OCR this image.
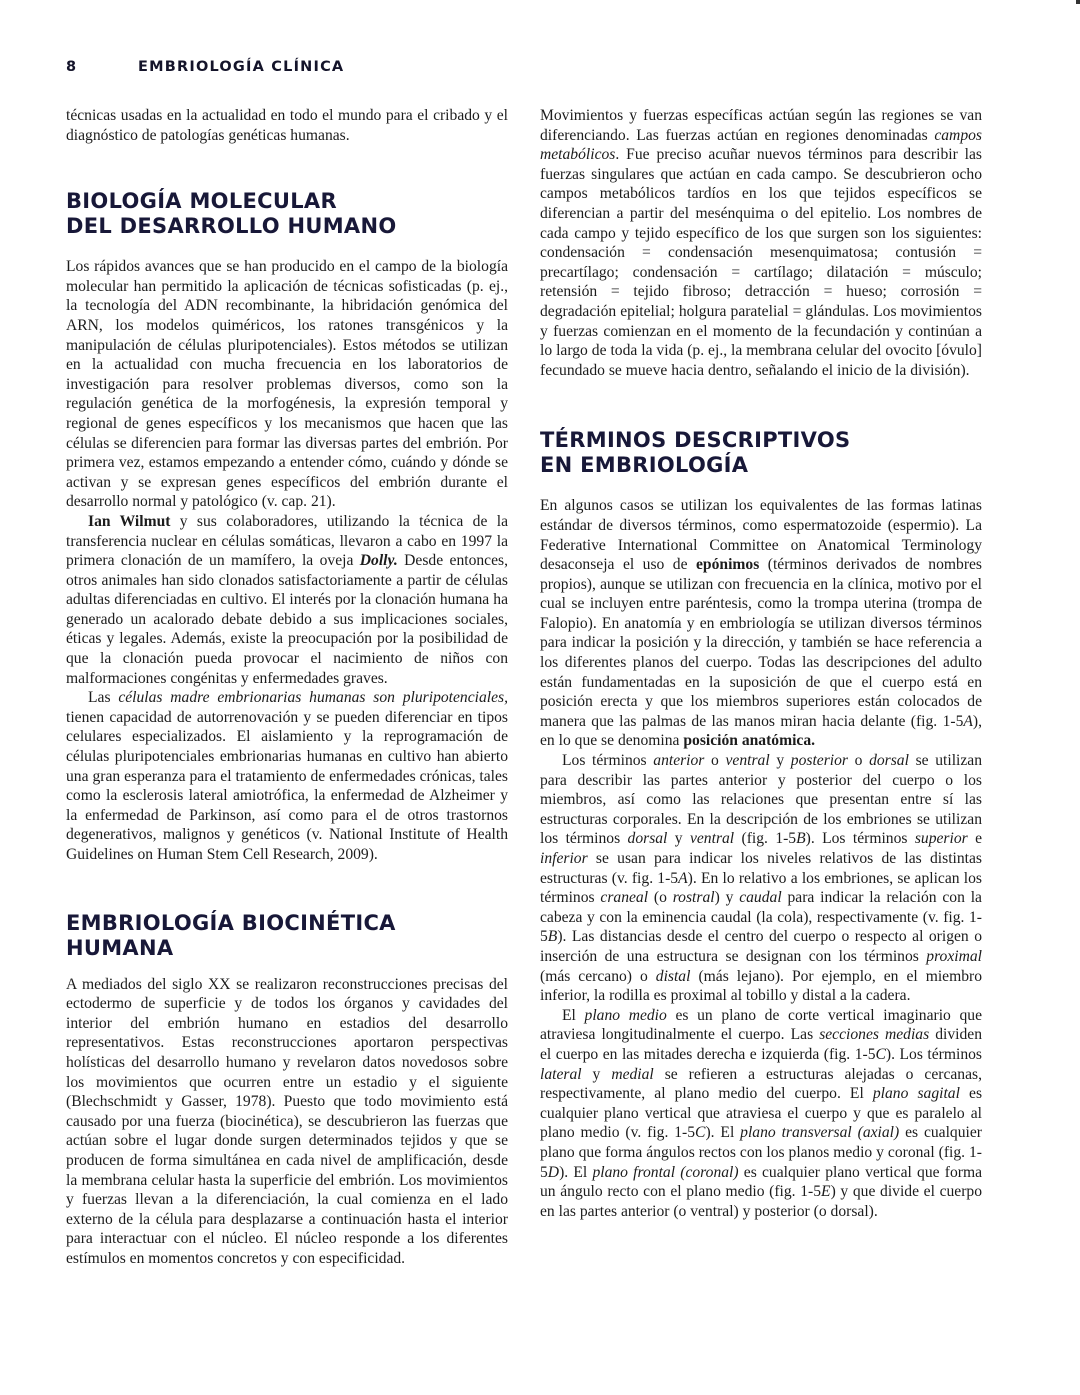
8	EMBRIOLOGÍA CLÍNICA

técnicas usadas en la actualidad en todo el mundo para el cribado y el diagnóstico de patologías genéticas humanas.

BIOLOGÍA MOLECULAR
DEL DESARROLLO HUMANO

Los rápidos avances que se han producido en el campo de la biología molecular han permitido la aplicación de técnicas sofisticadas (p. ej., la tecnología del ADN recombinante, la hibridación genómica del ARN, los modelos quiméricos, los ratones transgénicos y la manipulación de células pluripotenciales). Estos métodos se utilizan en la actualidad con mucha frecuencia en los laboratorios de investigación para resolver problemas diversos, como son la regulación genética de la morfogénesis, la expresión temporal y regional de genes específicos y los mecanismos que hacen que las células se diferencien para formar las diversas partes del embrión. Por primera vez, estamos empezando a entender cómo, cuándo y dónde se activan y se expresan genes específicos del embrión durante el desarrollo normal y patológico (v. cap. 21).

Ian Wilmut y sus colaboradores, utilizando la técnica de la transferencia nuclear en células somáticas, llevaron a cabo en 1997 la primera clonación de un mamífero, la oveja Dolly. Desde entonces, otros animales han sido clonados satisfactoriamente a partir de células adultas diferenciadas en cultivo. El interés por la clonación humana ha generado un acalorado debate debido a sus implicaciones sociales, éticas y legales. Además, existe la preocupación por la posibilidad de que la clonación pueda provocar el nacimiento de niños con malformaciones congénitas y enfermedades graves.

Las células madre embrionarias humanas son pluripotenciales, tienen capacidad de autorrenovación y se pueden diferenciar en tipos celulares especializados. El aislamiento y la reprogramación de células pluripotenciales embrionarias humanas en cultivo han abierto una gran esperanza para el tratamiento de enfermedades crónicas, tales como la esclerosis lateral amiotrófica, la enfermedad de Alzheimer y la enfermedad de Parkinson, así como para el de otros trastornos degenerativos, malignos y genéticos (v. National Institute of Health Guidelines on Human Stem Cell Research, 2009).

EMBRIOLOGÍA BIOCINÉTICA HUMANA

A mediados del siglo XX se realizaron reconstrucciones precisas del ectodermo de superficie y de todos los órganos y cavidades del interior del embrión humano en estadios del desarrollo representativos. Estas reconstrucciones aportaron perspectivas holísticas del desarrollo humano y revelaron datos novedosos sobre los movimientos que ocurren entre un estadio y el siguiente (Blechschmidt y Gasser, 1978). Puesto que todo movimiento está causado por una fuerza (biocinética), se descubrieron las fuerzas que actúan sobre el lugar donde surgen determinados tejidos y que se producen de forma simultánea en cada nivel de amplificación, desde la membrana celular hasta la superficie del embrión. Los movimientos y fuerzas llevan a la diferenciación, la cual comienza en el lado externo de la célula para desplazarse a continuación hasta el interior para interactuar con el núcleo. El núcleo responde a los diferentes estímulos en momentos concretos y con especificidad.

Movimientos y fuerzas específicas actúan según las regiones se van diferenciando. Las fuerzas actúan en regiones denominadas campos metabólicos. Fue preciso acuñar nuevos términos para describir las fuerzas singulares que actúan en cada campo. Se descubrieron ocho campos metabólicos tardíos en los que tejidos específicos se diferencian a partir del mesénquima o del epitelio. Los nombres de cada campo y tejido específico de los que surgen son los siguientes: condensación = condensación mesenquimatosa; contusión = precartílago; condensación = cartílago; dilatación = músculo; retensión = tejido fibroso; detracción = hueso; corrosión = degradación epitelial; holgura paratelial = glándulas. Los movimientos y fuerzas comienzan en el momento de la fecundación y continúan a lo largo de toda la vida (p. ej., la membrana celular del ovocito [óvulo] fecundado se mueve hacia dentro, señalando el inicio de la división).

TÉRMINOS DESCRIPTIVOS
EN EMBRIOLOGÍA

En algunos casos se utilizan los equivalentes de las formas latinas estándar de diversos términos, como espermatozoide (espermio). La Federative International Committee on Anatomical Terminology desaconseja el uso de epónimos (términos derivados de nombres propios), aunque se utilizan con frecuencia en la clínica, motivo por el cual se incluyen entre paréntesis, como la trompa uterina (trompa de Falopio). En anatomía y en embriología se utilizan diversos términos para indicar la posición y la dirección, y también se hace referencia a los diferentes planos del cuerpo. Todas las descripciones del adulto están fundamentadas en la suposición de que el cuerpo está en posición erecta y que los miembros superiores están colocados de manera que las palmas de las manos miran hacia delante (fig. 1-5A), en lo que se denomina posición anatómica.

Los términos anterior o ventral y posterior o dorsal se utilizan para describir las partes anterior y posterior del cuerpo o los miembros, así como las relaciones que presentan entre sí las estructuras corporales. En la descripción de los embriones se utilizan los términos dorsal y ventral (fig. 1-5B). Los términos superior e inferior se usan para indicar los niveles relativos de las distintas estructuras (v. fig. 1-5A). En lo relativo a los embriones, se aplican los términos craneal (o rostral) y caudal para indicar la relación con la cabeza y con la eminencia caudal (la cola), respectivamente (v. fig. 1-5B). Las distancias desde el centro del cuerpo o respecto al origen o inserción de una estructura se designan con los términos proximal (más cercano) o distal (más lejano). Por ejemplo, en el miembro inferior, la rodilla es proximal al tobillo y distal a la cadera.

El plano medio es un plano de corte vertical imaginario que atraviesa longitudinalmente el cuerpo. Las secciones medias dividen el cuerpo en las mitades derecha e izquierda (fig. 1-5C). Los términos lateral y medial se refieren a estructuras alejadas o cercanas, respectivamente, al plano medio del cuerpo. El plano sagital es cualquier plano vertical que atraviesa el cuerpo y que es paralelo al plano medio (v. fig. 1-5C). El plano transversal (axial) es cualquier plano que forma ángulos rectos con los planos medio y coronal (fig. 1-5D). El plano frontal (coronal) es cualquier plano vertical que forma un ángulo recto con el plano medio (fig. 1-5E) y que divide el cuerpo en las partes anterior (o ventral) y posterior (o dorsal).
